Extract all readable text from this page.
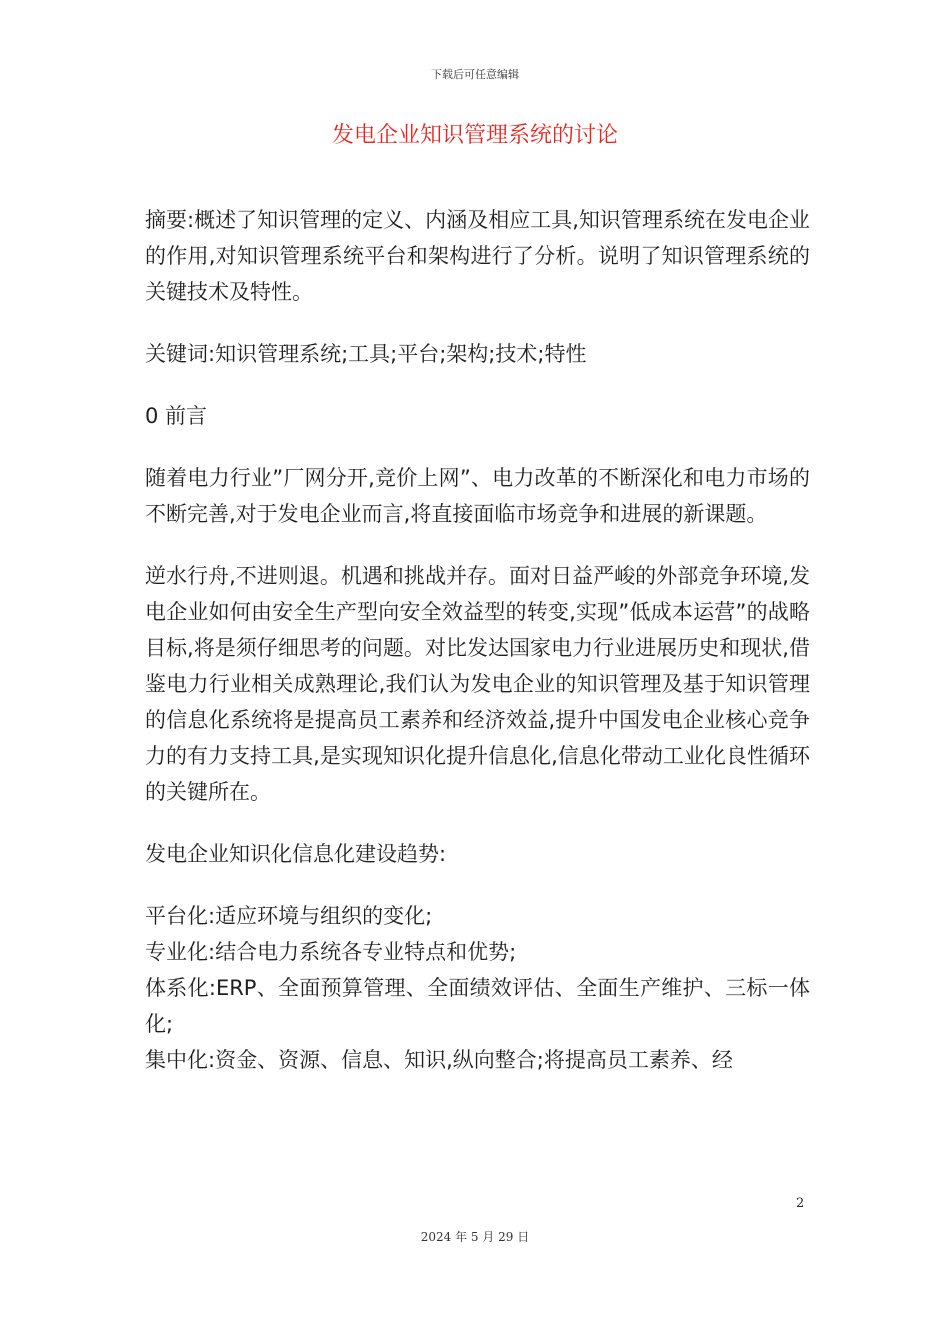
下载后可任意编辑
发电企业知识管理系统的讨论

摘要:概述了知识管理的定义、内涵及相应工具,知识管理系统在发电企业的作用,对知识管理系统平台和架构进行了分析。说明了知识管理系统的关键技术及特性。

关键词:知识管理系统;工具;平台;架构;技术;特性

0 前言

随着电力行业”厂网分开,竞价上网”、电力改革的不断深化和电力市场的不断完善,对于发电企业而言,将直接面临市场竞争和进展的新课题。

逆水行舟,不进则退。机遇和挑战并存。面对日益严峻的外部竞争环境,发电企业如何由安全生产型向安全效益型的转变,实现”低成本运营”的战略目标,将是须仔细思考的问题。对比发达国家电力行业进展历史和现状,借鉴电力行业相关成熟理论,我们认为发电企业的知识管理及基于知识管理的信息化系统将是提高员工素养和经济效益,提升中国发电企业核心竞争力的有力支持工具,是实现知识化提升信息化,信息化带动工业化良性循环的关键所在。

发电企业知识化信息化建设趋势:

平台化:适应环境与组织的变化;

专业化:结合电力系统各专业特点和优势;

体系化:ERP、全面预算管理、全面绩效评估、全面生产维护、三标一体化;

集中化:资金、资源、信息、知识,纵向整合;将提高员工素养、经

2
2024 年 5 月 29 日
